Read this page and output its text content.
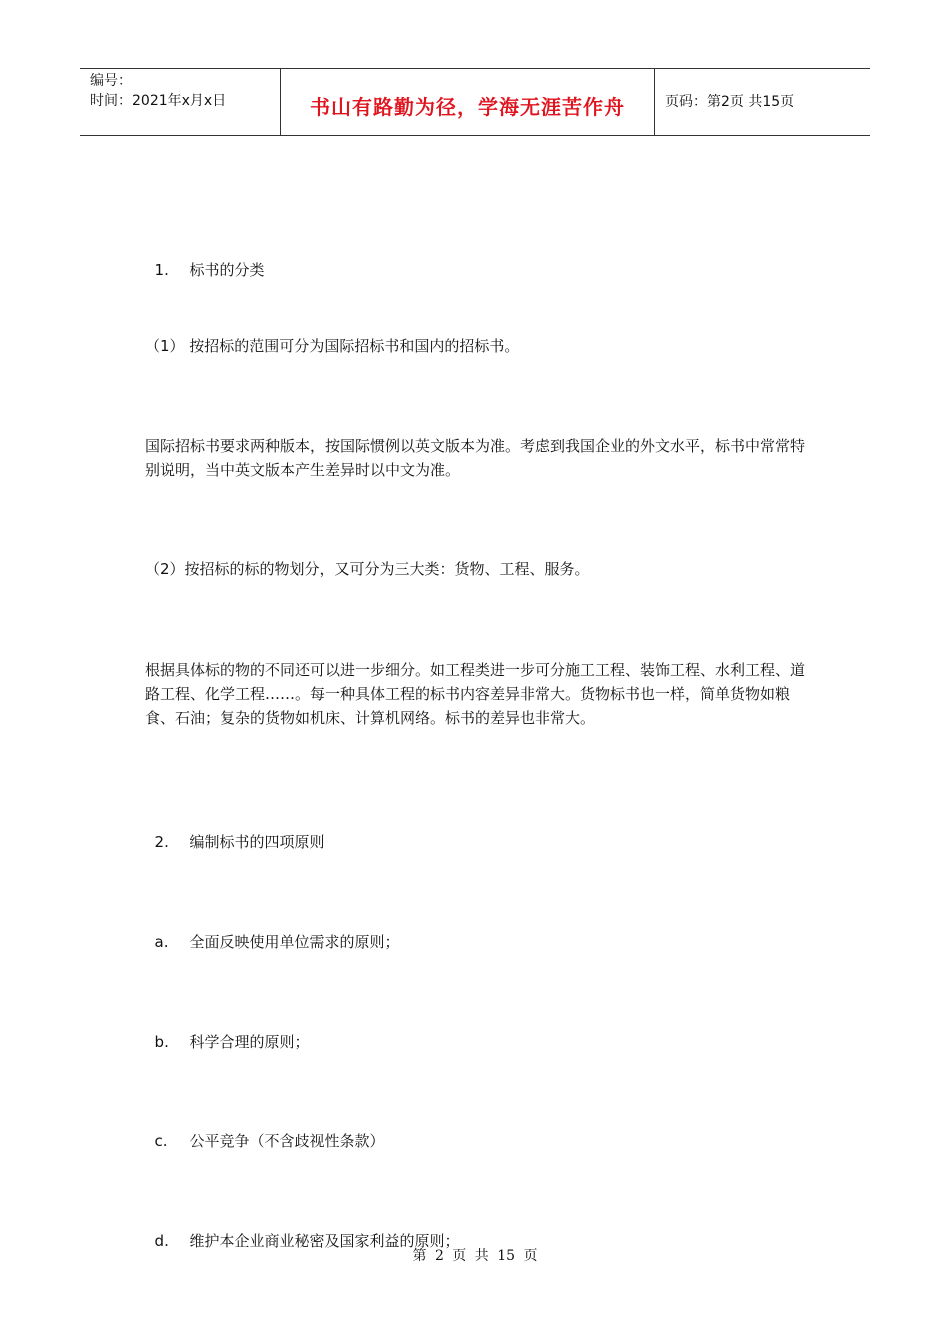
编号：
时间：2021年x月x日	书山有路勤为径，学海无涯苦作舟	页码：第2页 共15页

1. 标书的分类

（1） 按招标的范围可分为国际招标书和国内的招标书。
国际招标书要求两种版本，按国际惯例以英文版本为准。考虑到我国企业的外文水平，标书中常常特别说明，当中英文版本产生差异时以中文为准。
（2）按招标的标的物划分，又可分为三大类：货物、工程、服务。
根据具体标的物的不同还可以进一步细分。如工程类进一步可分施工工程、装饰工程、水利工程、道路工程、化学工程……。每一种具体工程的标书内容差异非常大。货物标书也一样，简单货物如粮食、石油；复杂的货物如机床、计算机网络。标书的差异也非常大。

2. 编制标书的四项原则

a. 全面反映使用单位需求的原则；

b. 科学合理的原则；

c. 公平竞争（不含歧视性条款）

d. 维护本企业商业秘密及国家利益的原则；

第 2 页 共 15 页
